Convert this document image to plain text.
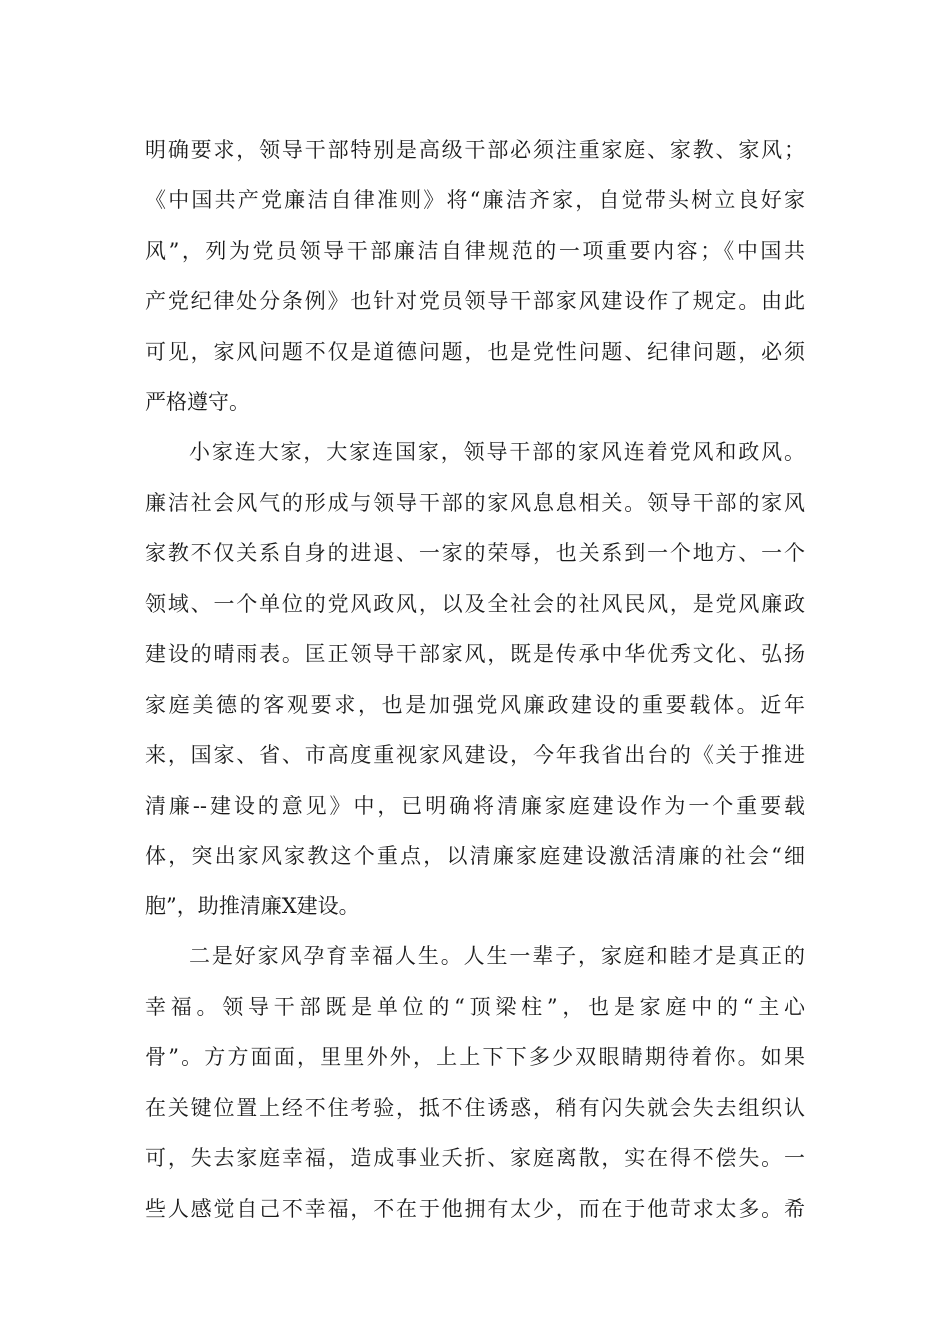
明确要求，领导干部特别是高级干部必须注重家庭、家教、家风；
《中国共产党廉洁自律准则》将“廉洁齐家，自觉带头树立良好家
风”，列为党员领导干部廉洁自律规范的一项重要内容；《中国共
产党纪律处分条例》也针对党员领导干部家风建设作了规定。由此
可见，家风问题不仅是道德问题，也是党性问题、纪律问题，必须
严格遵守。
小家连大家，大家连国家，领导干部的家风连着党风和政风。
廉洁社会风气的形成与领导干部的家风息息相关。领导干部的家风
家教不仅关系自身的进退、一家的荣辱，也关系到一个地方、一个
领域、一个单位的党风政风，以及全社会的社风民风，是党风廉政
建设的晴雨表。匡正领导干部家风，既是传承中华优秀文化、弘扬
家庭美德的客观要求，也是加强党风廉政建设的重要载体。近年
来，国家、省、市高度重视家风建设，今年我省出台的《关于推进
清廉--建设的意见》中，已明确将清廉家庭建设作为一个重要载
体，突出家风家教这个重点，以清廉家庭建设激活清廉的社会“细
胞”，助推清廉X建设。
二是好家风孕育幸福人生。人生一辈子，家庭和睦才是真正的
幸福。领导干部既是单位的“顶梁柱”，也是家庭中的“主心
骨”。方方面面，里里外外，上上下下多少双眼睛期待着你。如果
在关键位置上经不住考验，抵不住诱惑，稍有闪失就会失去组织认
可，失去家庭幸福，造成事业夭折、家庭离散，实在得不偿失。一
些人感觉自己不幸福，不在于他拥有太少，而在于他苛求太多。希
